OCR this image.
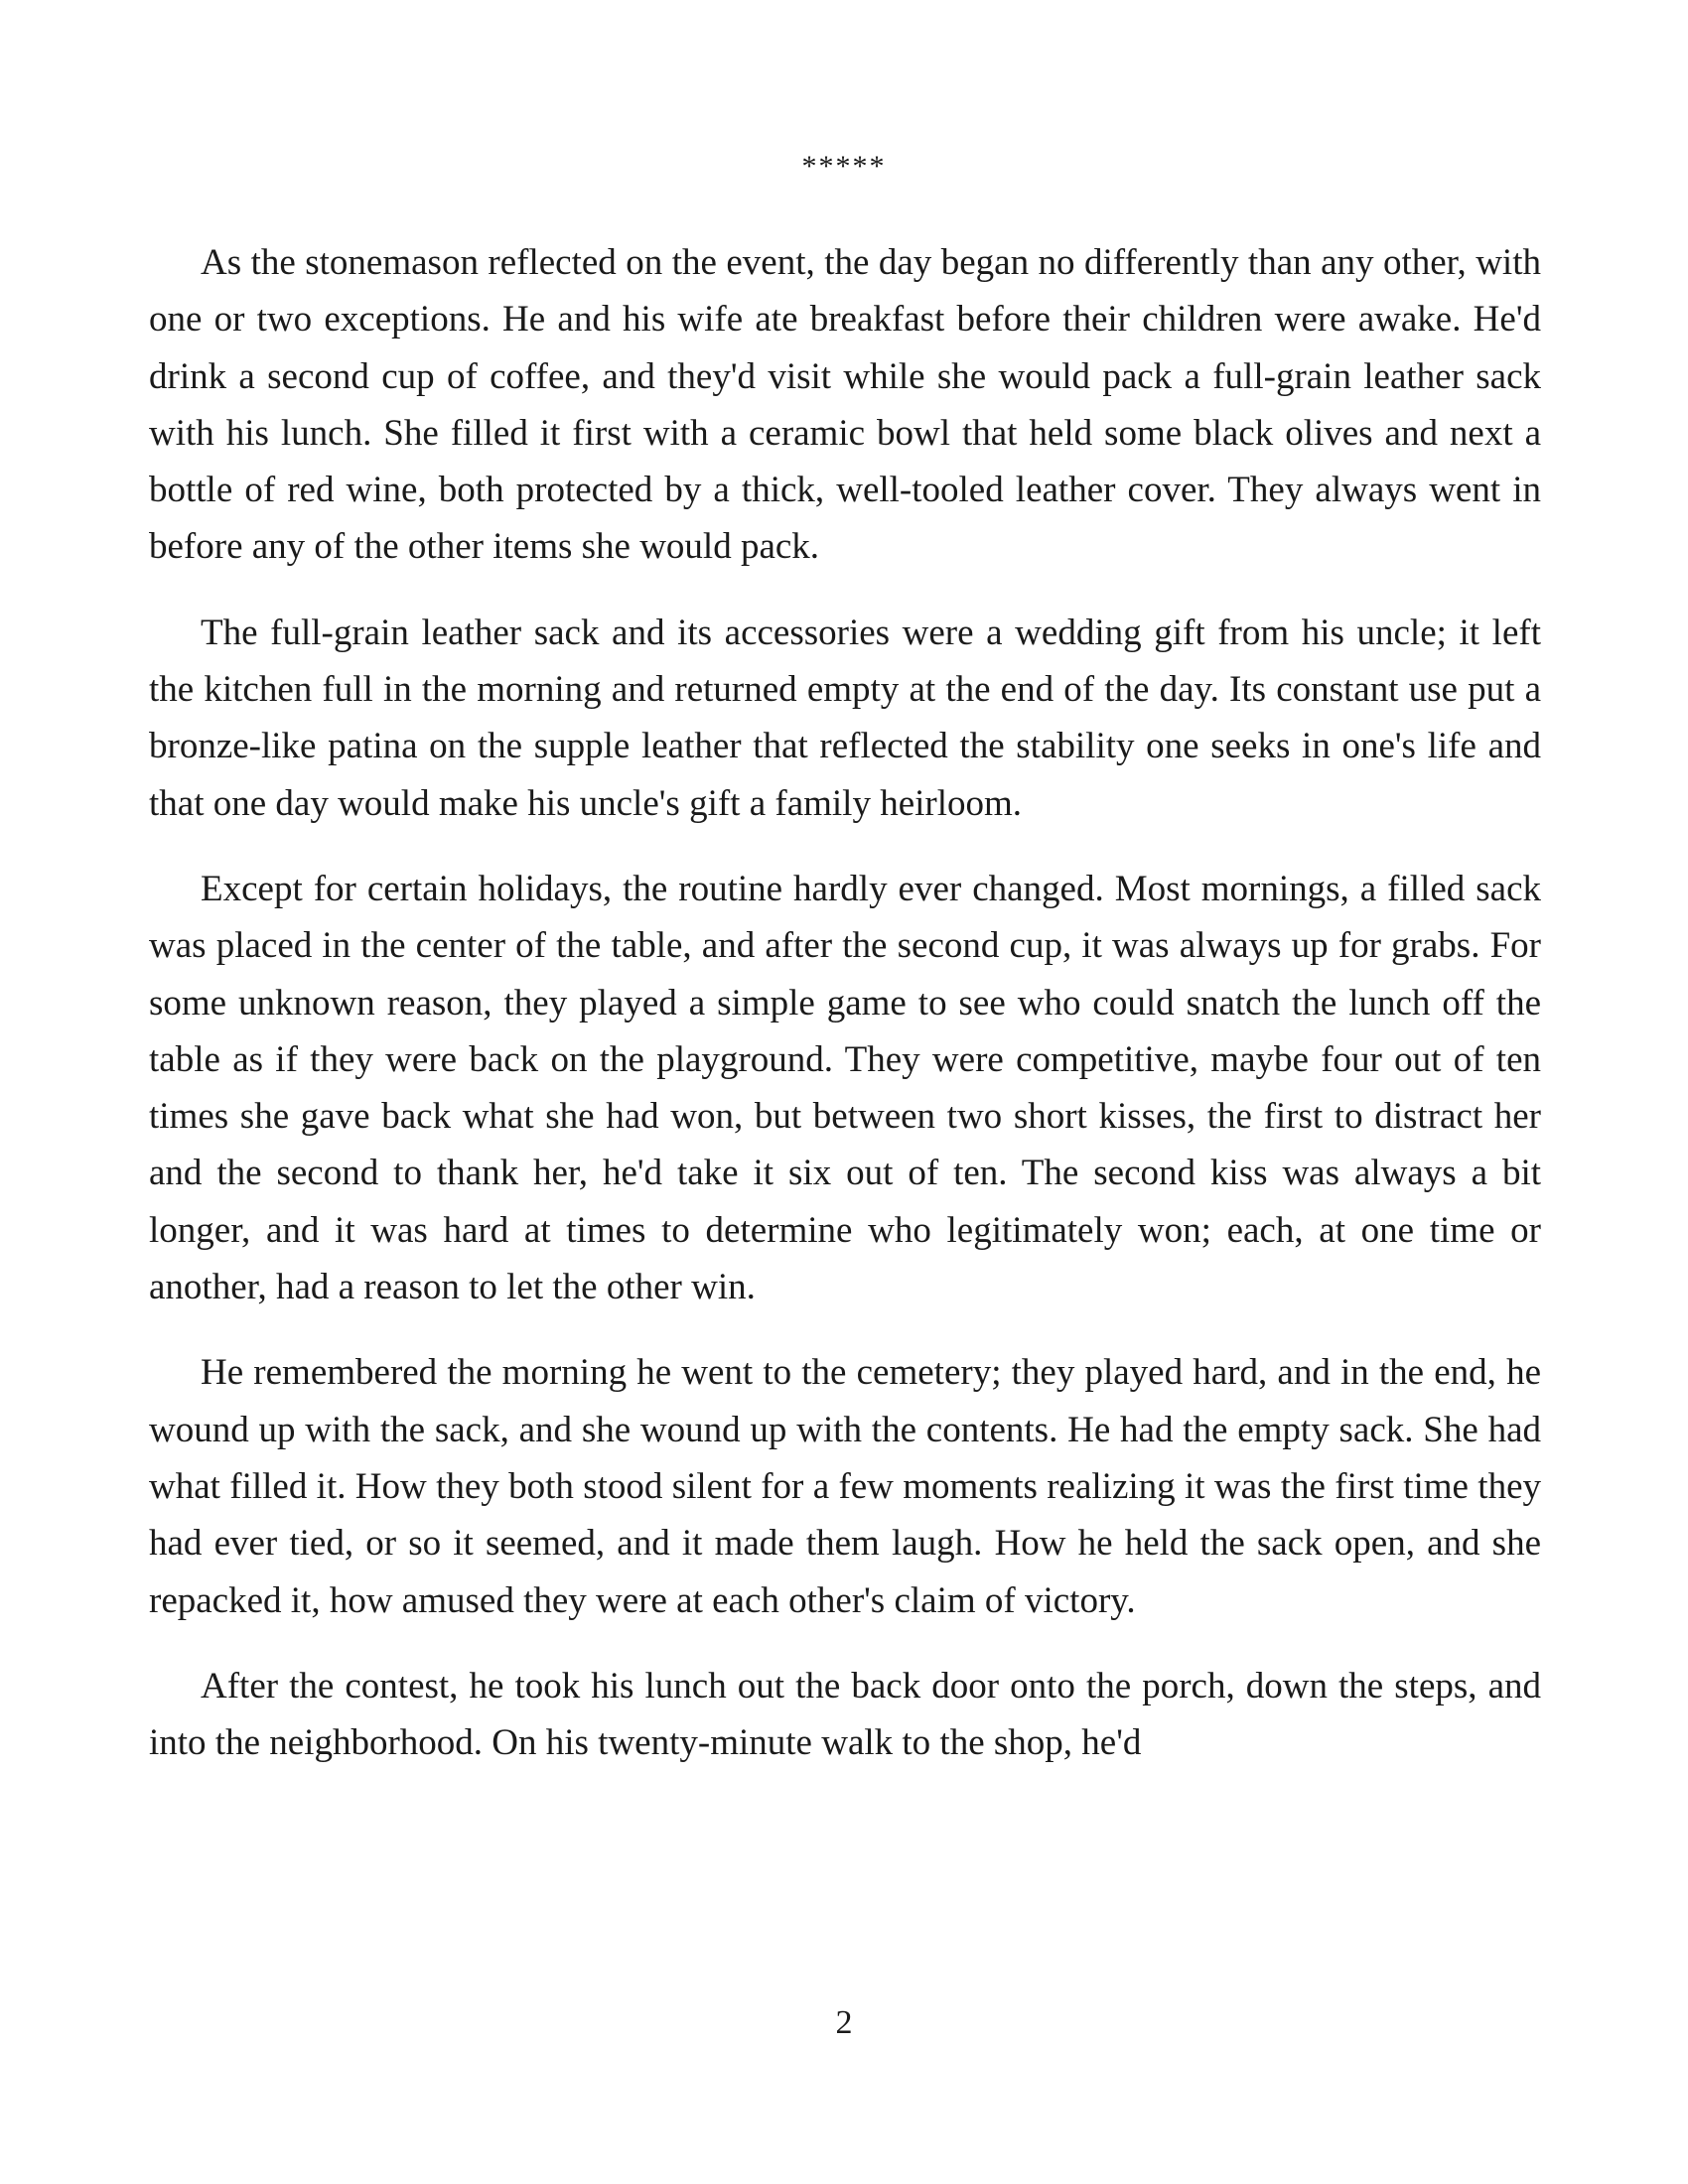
*****

As the stonemason reflected on the event, the day began no differently than any other, with one or two exceptions. He and his wife ate breakfast before their children were awake. He'd drink a second cup of coffee, and they'd visit while she would pack a full-grain leather sack with his lunch. She filled it first with a ceramic bowl that held some black olives and next a bottle of red wine, both protected by a thick, well-tooled leather cover. They always went in before any of the other items she would pack.

The full-grain leather sack and its accessories were a wedding gift from his uncle; it left the kitchen full in the morning and returned empty at the end of the day. Its constant use put a bronze-like patina on the supple leather that reflected the stability one seeks in one's life and that one day would make his uncle's gift a family heirloom.

Except for certain holidays, the routine hardly ever changed. Most mornings, a filled sack was placed in the center of the table, and after the second cup, it was always up for grabs. For some unknown reason, they played a simple game to see who could snatch the lunch off the table as if they were back on the playground. They were competitive, maybe four out of ten times she gave back what she had won, but between two short kisses, the first to distract her and the second to thank her, he'd take it six out of ten. The second kiss was always a bit longer, and it was hard at times to determine who legitimately won; each, at one time or another, had a reason to let the other win.

He remembered the morning he went to the cemetery; they played hard, and in the end, he wound up with the sack, and she wound up with the contents. He had the empty sack. She had what filled it. How they both stood silent for a few moments realizing it was the first time they had ever tied, or so it seemed, and it made them laugh. How he held the sack open, and she repacked it, how amused they were at each other's claim of victory.

After the contest, he took his lunch out the back door onto the porch, down the steps, and into the neighborhood. On his twenty-minute walk to the shop, he'd

2
